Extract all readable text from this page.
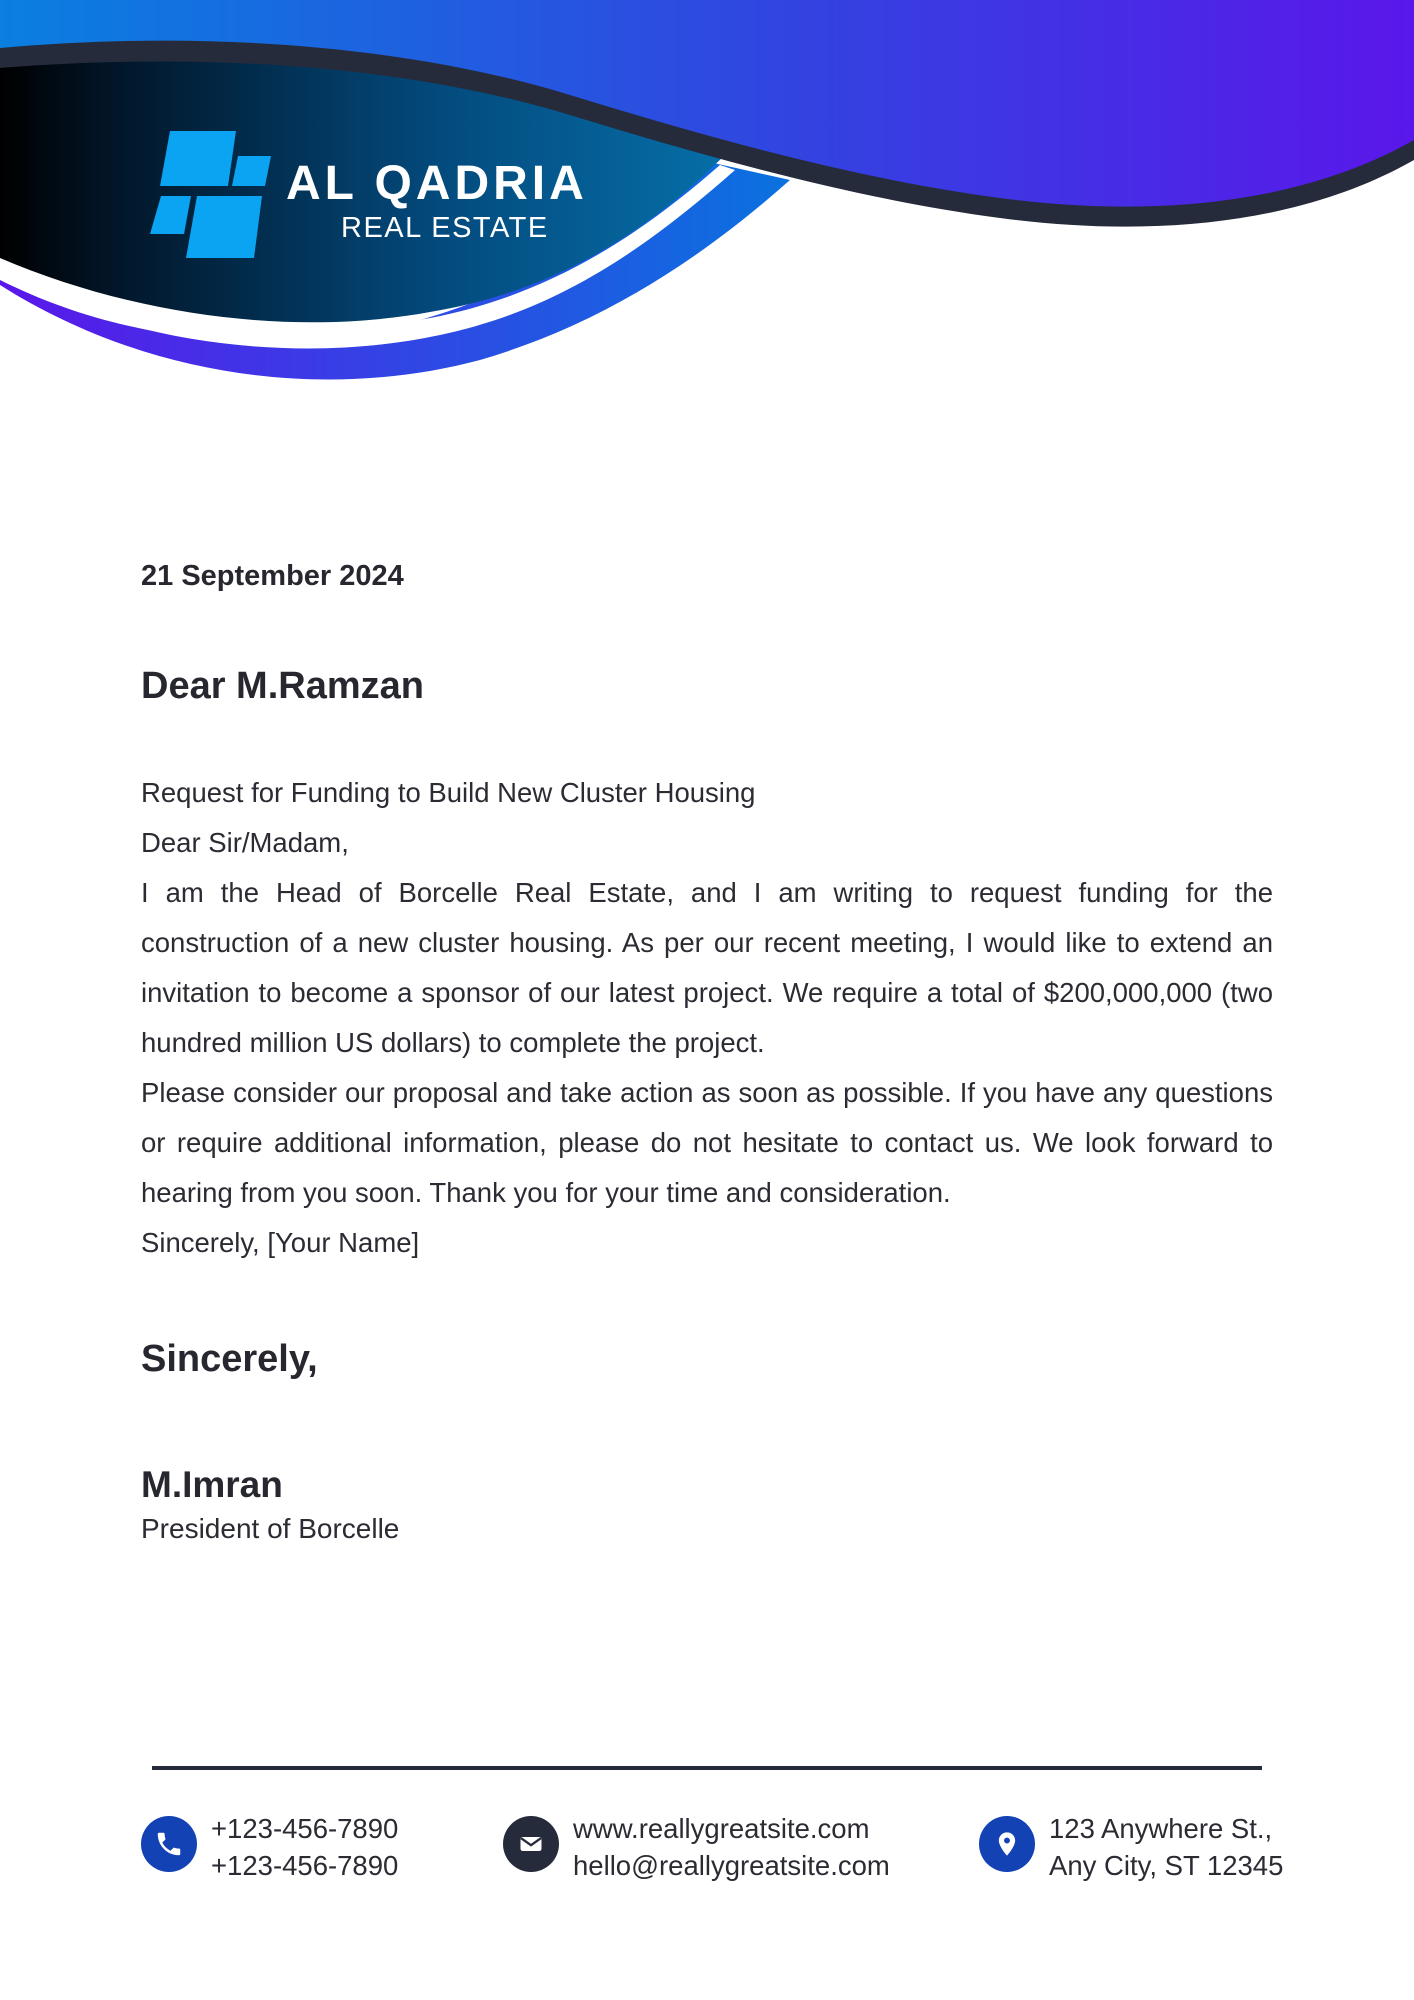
AL QADRIA
REAL ESTATE
21 September 2024
Dear M.Ramzan

Request for Funding to Build New Cluster Housing

Dear Sir/Madam,

I am the Head of Borcelle Real Estate, and I am writing to request funding for the construction of a new cluster housing. As per our recent meeting, I would like to extend an invitation to become a sponsor of our latest project. We require a total of $200,000,000 (two hundred million US dollars) to complete the project.

Please consider our proposal and take action as soon as possible. If you have any questions or require additional information, please do not hesitate to contact us. We look forward to hearing from you soon. Thank you for your time and consideration.

Sincerely, [Your Name]

Sincerely,
M.Imran
President of Borcelle
+123-456-7890
+123-456-7890
www.reallygreatsite.com
hello@reallygreatsite.com
123 Anywhere St.,
Any City, ST 12345
